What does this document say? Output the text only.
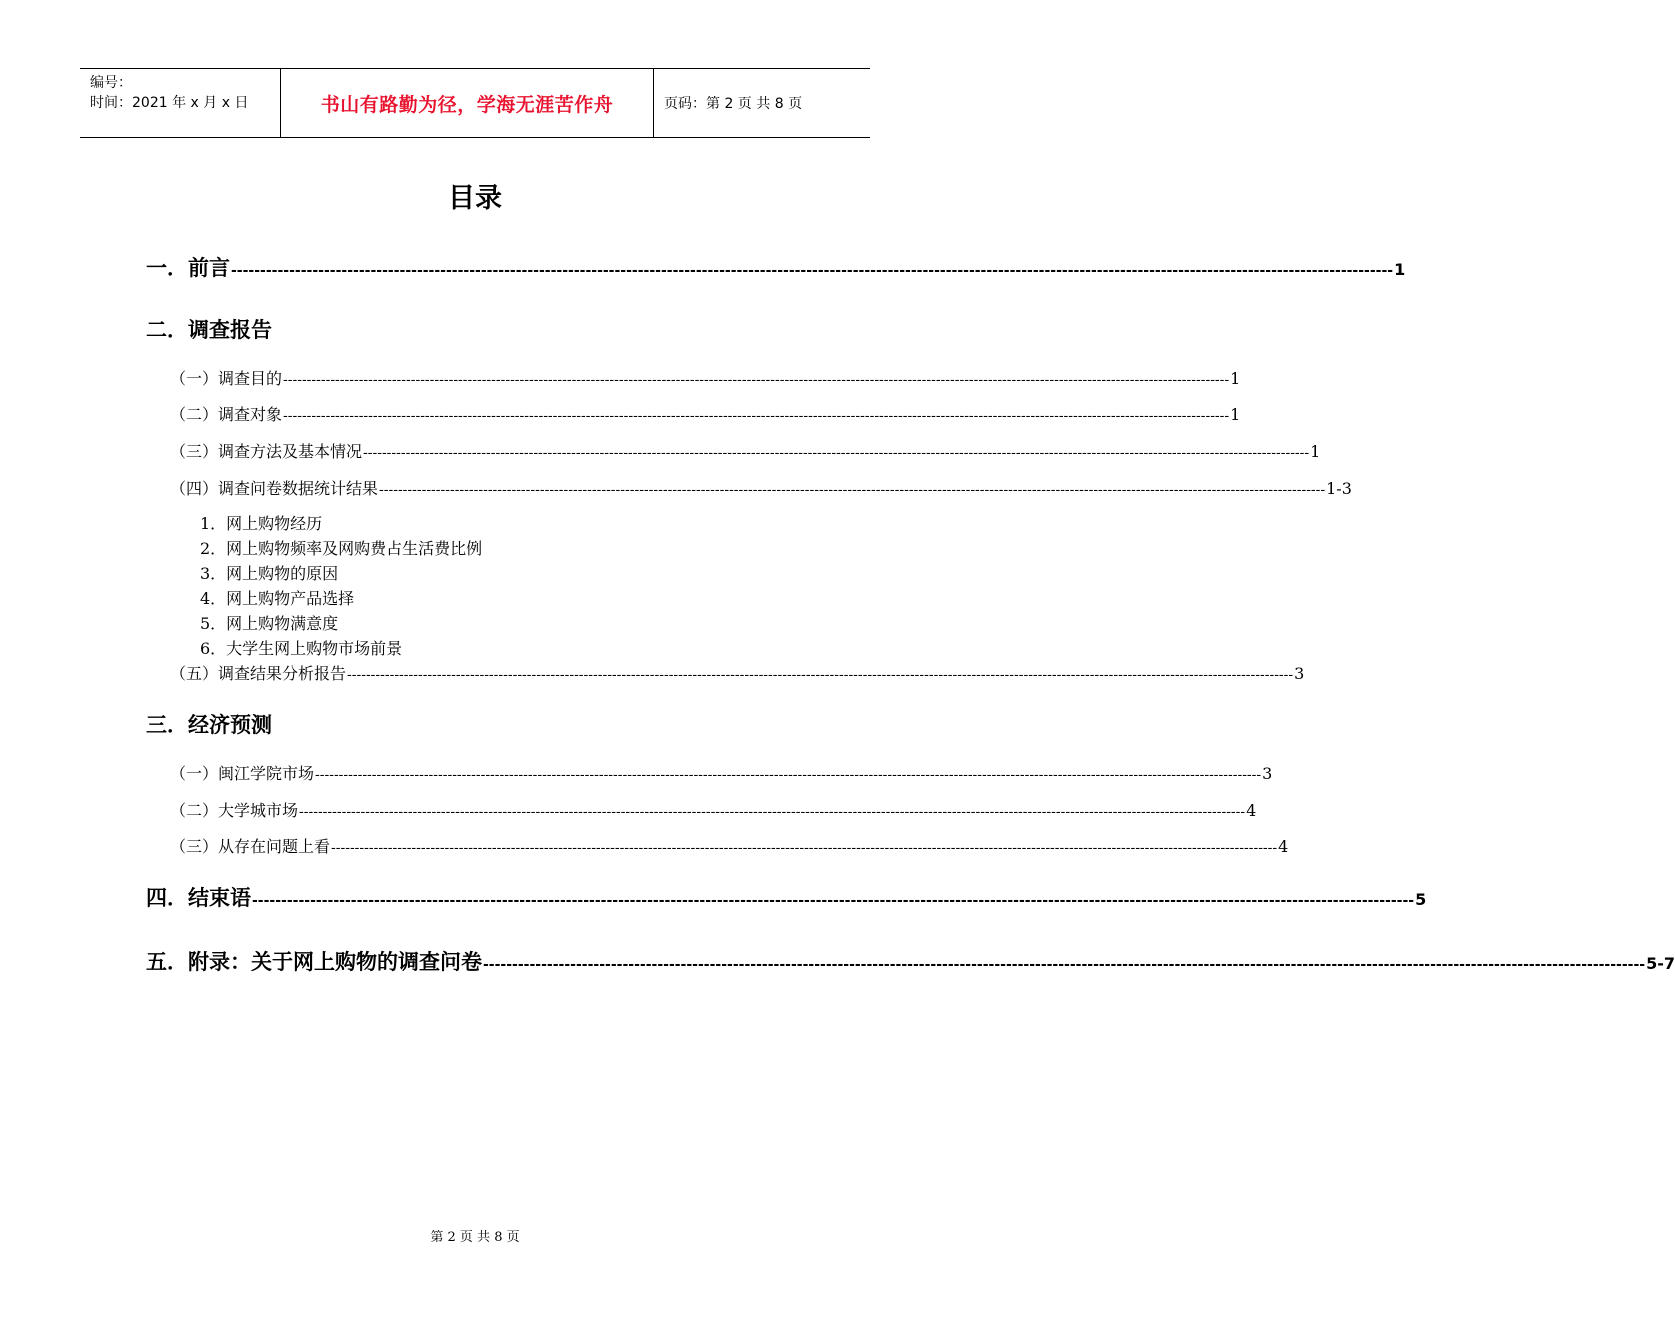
编号：
时间：2021 年 x 月 x 日	书山有路勤为径，学海无涯苦作舟	页码：第 2 页 共 8 页
目录
一．前言 -------------------------------------------------------------------------------------------------------------------------------------------------------------------------------------------------------- 1
二．调查报告
（一）调查目的 -------------------------------------------------------------------------------------------------------------------------------------------------------------------------------------------------------- 1
（二）调查对象 -------------------------------------------------------------------------------------------------------------------------------------------------------------------------------------------------------- 1
（三）调查方法及基本情况 -------------------------------------------------------------------------------------------------------------------------------------------------------------------------------------------------------- 1
（四）调查问卷数据统计结果 -------------------------------------------------------------------------------------------------------------------------------------------------------------------------------------------------------- 1-3
1．网上购物经历
2．网上购物频率及网购费占生活费比例
3．网上购物的原因
4．网上购物产品选择
5．网上购物满意度
6．大学生网上购物市场前景
（五）调查结果分析报告 -------------------------------------------------------------------------------------------------------------------------------------------------------------------------------------------------------- 3
三．经济预测
（一）闽江学院市场 -------------------------------------------------------------------------------------------------------------------------------------------------------------------------------------------------------- 3
（二）大学城市场 -------------------------------------------------------------------------------------------------------------------------------------------------------------------------------------------------------- 4
（三）从存在问题上看 -------------------------------------------------------------------------------------------------------------------------------------------------------------------------------------------------------- 4
四．结束语 -------------------------------------------------------------------------------------------------------------------------------------------------------------------------------------------------------- 5
五．附录：关于网上购物的调查问卷 -------------------------------------------------------------------------------------------------------------------------------------------------------------------------------------------------------- 5-7
第 2 页 共 8 页
